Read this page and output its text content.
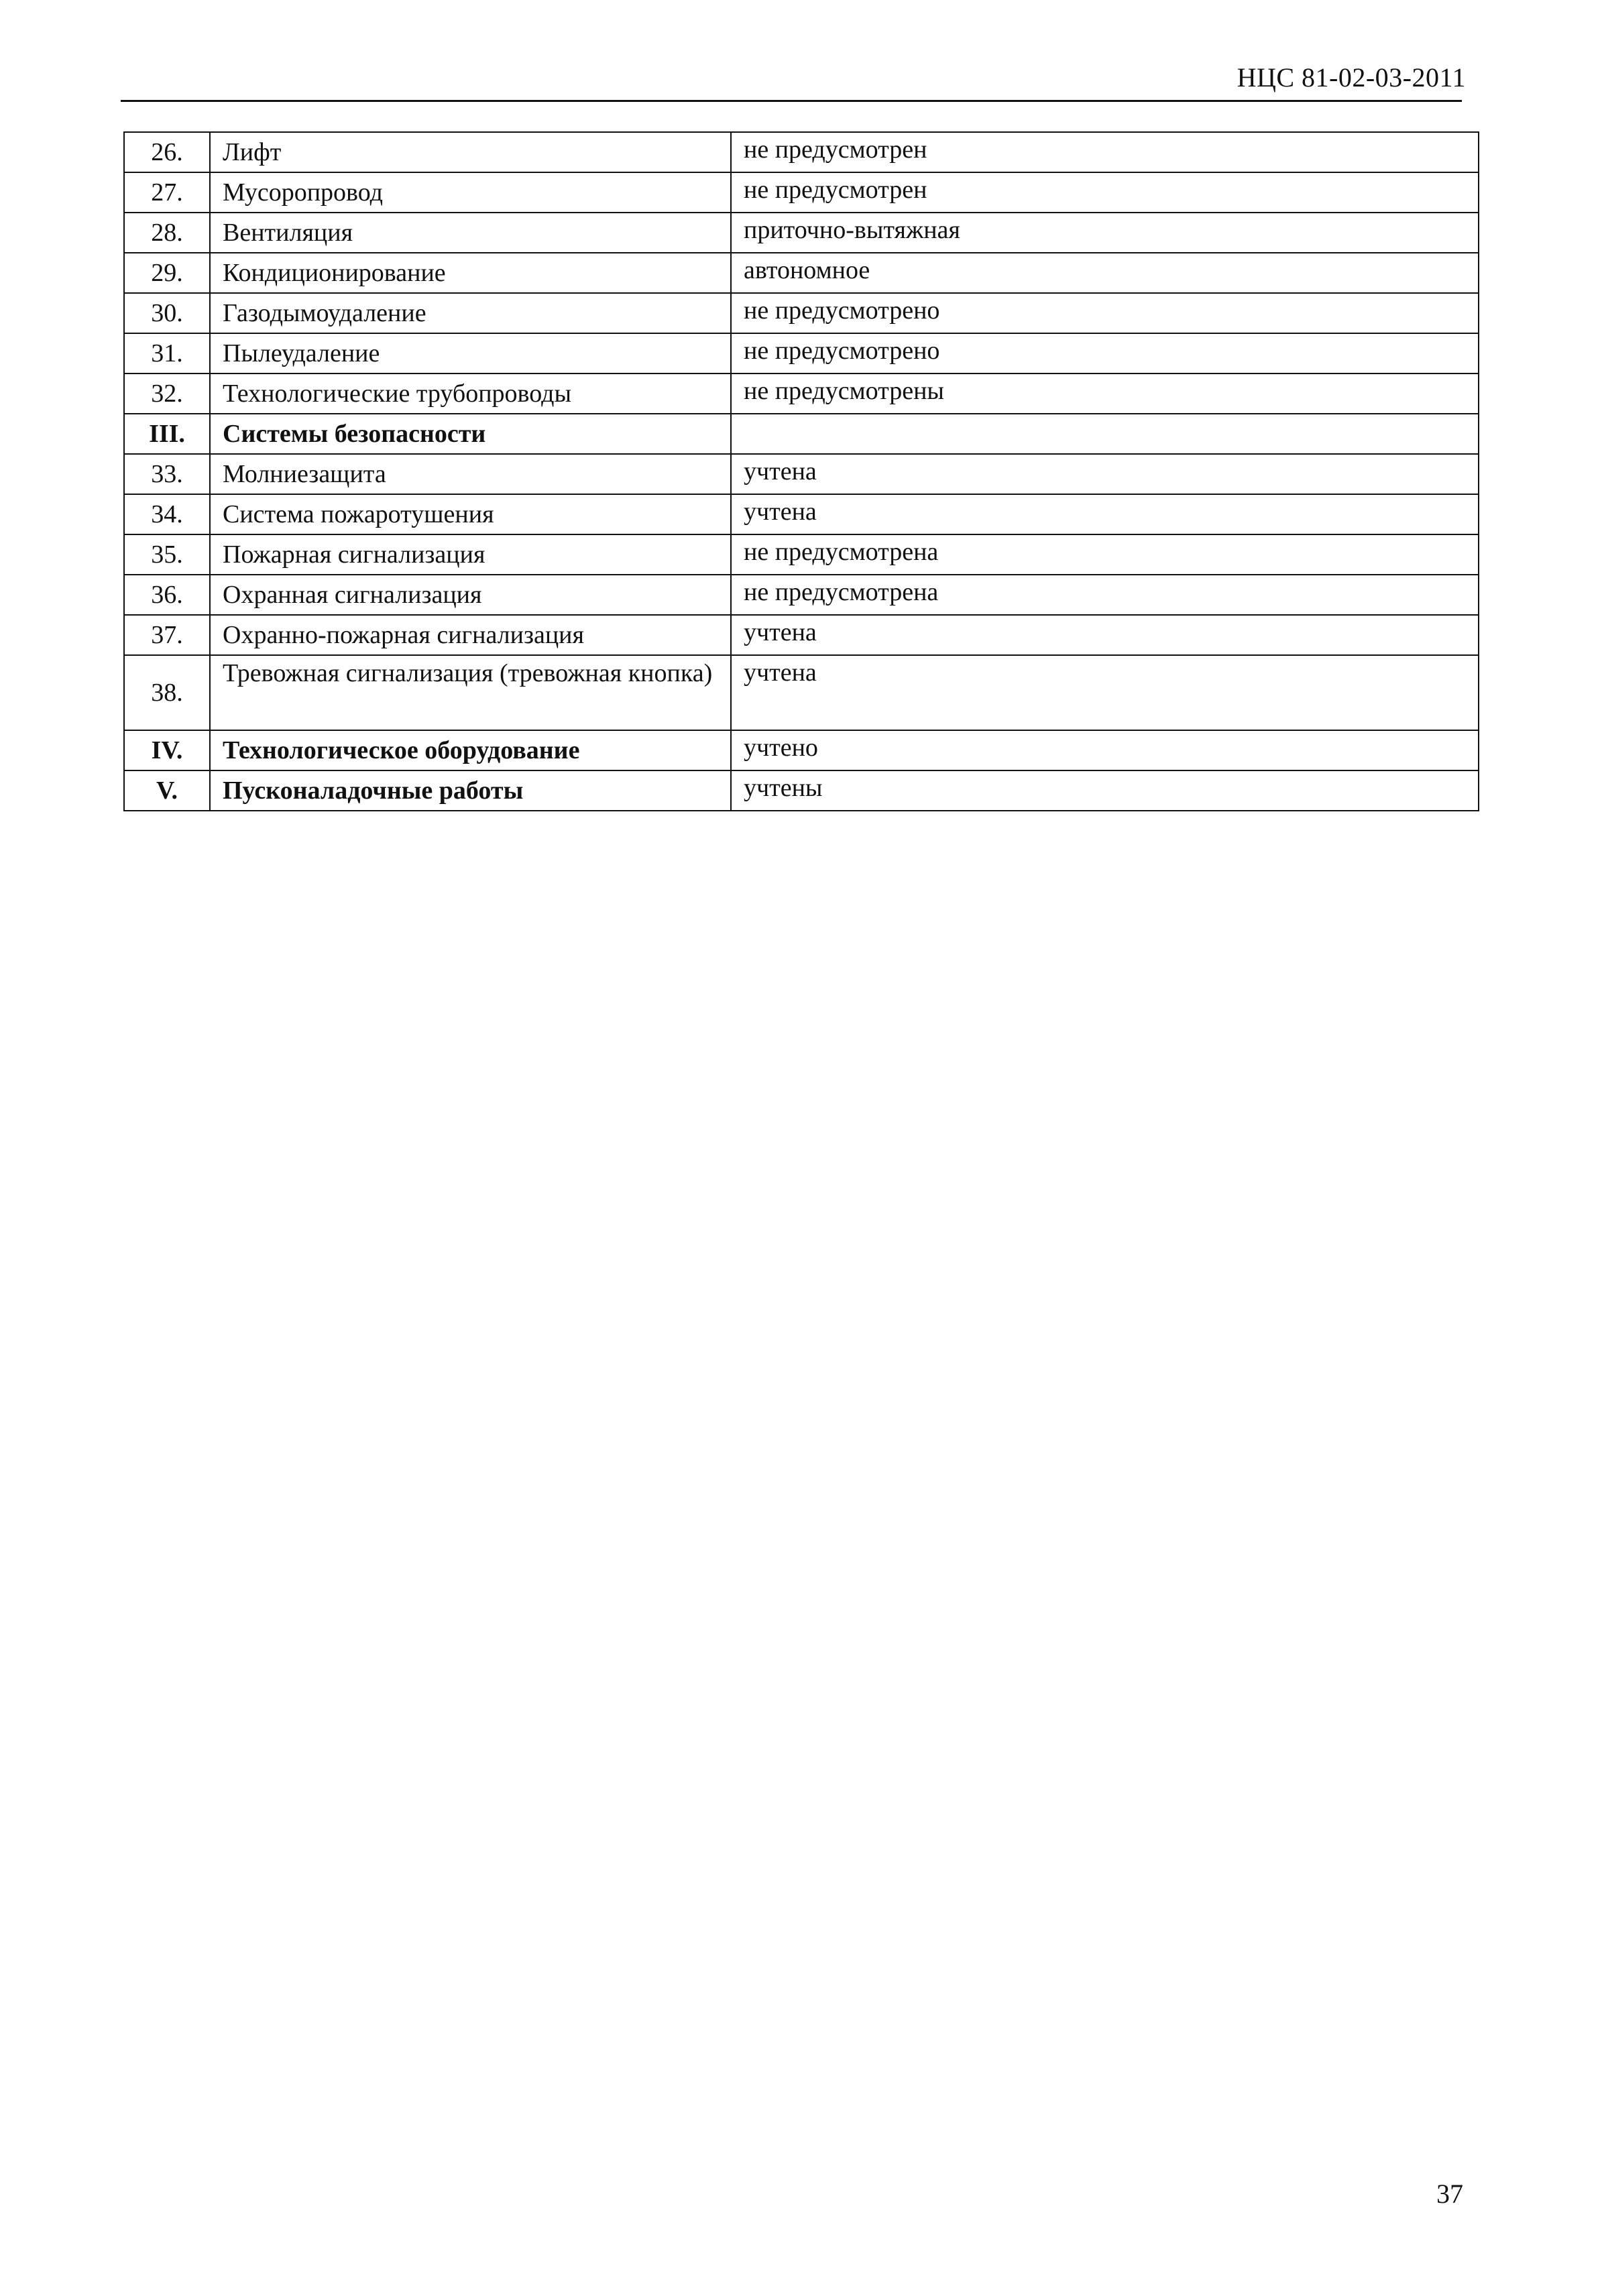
НЦС 81-02-03-2011
26.	Лифт	не предусмотрен
27.	Мусоропровод	не предусмотрен
28.	Вентиляция	приточно-вытяжная
29.	Кондиционирование	автономное
30.	Газодымоудаление	не предусмотрено
31.	Пылеудаление	не предусмотрено
32.	Технологические трубопроводы	не предусмотрены
III.	Системы безопасности	
33.	Молниезащита	учтена
34.	Система пожаротушения	учтена
35.	Пожарная сигнализация	не предусмотрена
36.	Охранная сигнализация	не предусмотрена
37.	Охранно-пожарная сигнализация	учтена
38.	Тревожная сигнализация (тревожная кнопка)	учтена
IV.	Технологическое оборудование	учтено
V.	Пусконаладочные работы	учтены
37
